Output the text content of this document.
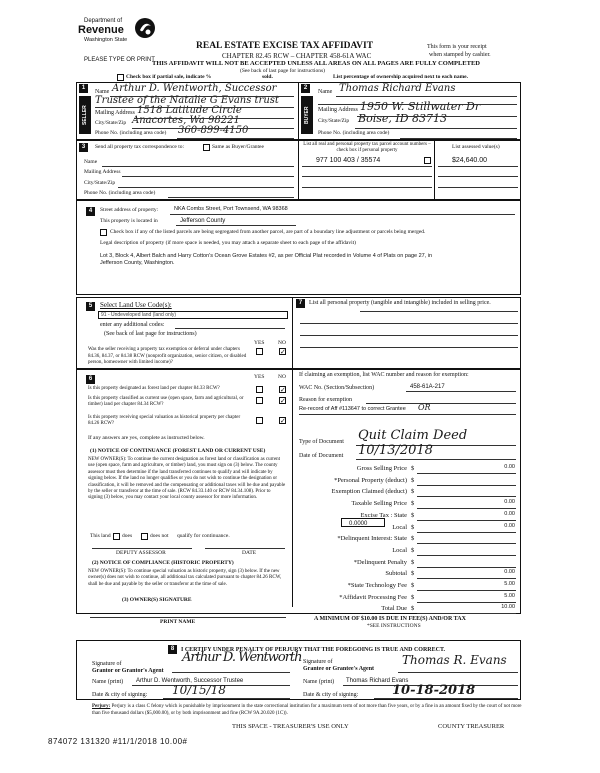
Department of
Revenue
Washington State
PLEASE TYPE OR PRINT
REAL ESTATE EXCISE TAX AFFIDAVIT
CHAPTER 82.45 RCW – CHAPTER 458-61A WAC
THIS AFFIDAVIT WILL NOT BE ACCEPTED UNLESS ALL AREAS ON ALL PAGES ARE FULLY COMPLETED
(See back of last page for instructions)
This form is your receipt
when stamped by cashier.
Check box if partial sale, indicate %	sold.	List percentage of ownership acquired next to each name.
1	2
SELLER GRANTOR	BUYER GRANTEE
Name Arthur D. Wentworth, Successor
Trustee of the Natalie G Evans trust
Mailing Address 1518 Latitude Circle
City/State/Zip Anacortes, Wa 98221
Phone No. (including area code) 360-899-4150
Name Thomas Richard Evans
Mailing Address 1950 W. Stillwater Dr
City/State/Zip Boise, ID 83713
Phone No. (including area code)
3	Send all property tax correspondence to:	Same as Buyer/Grantee
Name
Mailing Address
City/State/Zip
Phone No. (including area code)
List all real and personal property tax parcel account numbers – check box if personal property
List assessed value(s)
977 100 403 / 35574	$24,640.00
4	Street address of property:	NKA Combs Street, Port Townsend, WA 98368
This property is located in	Jefferson County
Check box if any of the listed parcels are being segregated from another parcel, are part of a boundary line adjustment or parcels being merged.
Legal description of property (if more space is needed, you may attach a separate sheet to each page of the affidavit)
Lot 3, Block 4, Albert Balch and Harry Cotton's Ocean Grove Estates #2, as per Official Plat recorded in Volume 4 of Plats on page 27, in
Jefferson County, Washington.
5	7
Select Land Use Code(s):
91 - Undeveloped land (land only)
enter any additional codes:
(See back of last page for instructions)
YES NO
Was the seller receiving a property tax exemption or deferral under chapters 84.36, 84.37, or 84.38 RCW (nonprofit organization, senior citizen, or disabled person, homeowner with limited income)?
✓
List all personal property (tangible and intangible) included in selling price.
6	YES NO
Is this property designated as forest land per chapter 84.33 RCW?	✓
Is this property classified as current use (open space, farm and agricultural, or timber) land per chapter 84.34 RCW?	✓
Is this property receiving special valuation as historical property per chapter 84.26 RCW?	✓
If any answers are yes, complete as instructed below.
(1) NOTICE OF CONTINUANCE (FOREST LAND OR CURRENT USE)
NEW OWNER(S): To continue the current designation as forest land or classification as current use (open space, farm and agriculture, or timber) land, you must sign on (3) below. The county assessor must then determine if the land transferred continues to qualify and will indicate by signing below. If the land no longer qualifies or you do not wish to continue the designation or classification, it will be removed and the compensating or additional taxes will be due and payable by the seller or transferor at the time of sale. (RCW 84.33.140 or RCW 84.34.108). Prior to signing (3) below, you may contact your local county assessor for more information.
This land does	does not qualify for continuance.
DEPUTY ASSESSOR	DATE
(2) NOTICE OF COMPLIANCE (HISTORIC PROPERTY)
NEW OWNER(S): To continue special valuation as historic property, sign (3) below. If the new owner(s) does not wish to continue, all additional tax calculated pursuant to chapter 84.26 RCW, shall be due and payable by the seller or transferor at the time of sale.
(3) OWNER(S) SIGNATURE
PRINT NAME
If claiming an exemption, list WAC number and reason for exemption:
WAC No. (Section/Subsection)	458-61A-217
Reason for exemption
Re-record of Aff #113647 to correct Grantee OR
Type of Document Quit Claim Deed
Date of Document 10/13/2018
Gross Selling Price $	0.00
*Personal Property (deduct) $
Exemption Claimed (deduct) $
Taxable Selling Price $	0.00
Excise Tax : State $	0.00
Local $	0.00
*Delinquent Interest: State $
Local $
*Delinquent Penalty $
Subtotal $	0.00
*State Technology Fee $	5.00
*Affidavit Processing Fee $	5.00
Total Due $	10.00
0.0000
A MINIMUM OF $10.00 IS DUE IN FEE(S) AND/OR TAX
*SEE INSTRUCTIONS
8	I CERTIFY UNDER PENALTY OF PERJURY THAT THE FOREGOING IS TRUE AND CORRECT.
Signature of
Grantor or Grantor's Agent
Arthur D. Wentworth
Name (print) Arthur D. Wentworth, Successor Trustee
Date & city of signing: 10/15/18
Signature of
Grantee or Grantee's Agent
Thomas R. Evans
Name (print) Thomas Richard Evans
Date & city of signing:	10-18-2018
Perjury: Perjury is a class C felony which is punishable by imprisonment in the state correctional institution for a maximum term of not more than five years, or by a fine in an amount fixed by the court of not more than five thousand dollars ($5,000.00), or by both imprisonment and fine (RCW 9A.20.020 (1C)).
874072 131320 #11/1/2018 10.00#
THIS SPACE - TREASURER'S USE ONLY	COUNTY TREASURER
